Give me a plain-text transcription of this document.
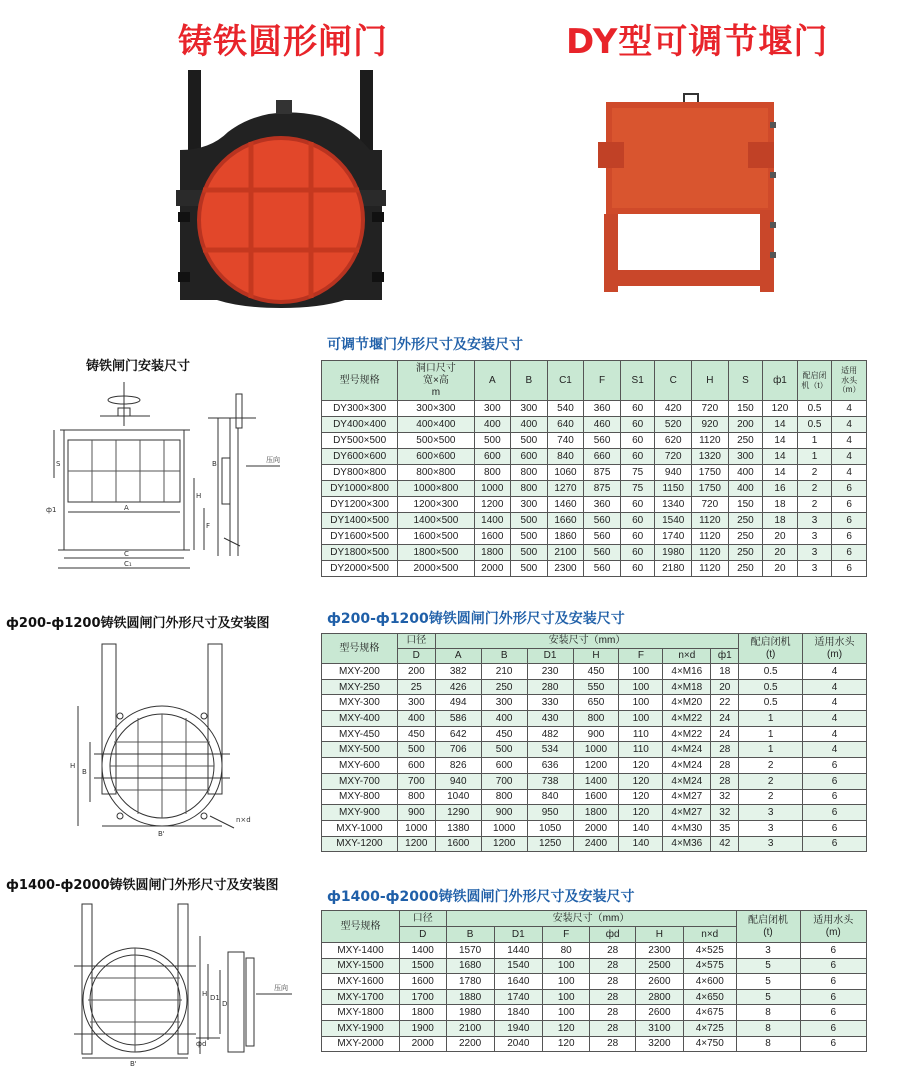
铸铁圆形闸门	DY型可调节堰门
铸铁闸门安装尺寸
A
C
C₁
H
F
S
ф1
B	压向
ф200-ф1200铸铁圆闸门外形尺寸及安装图
H
B
B'
n×d
ф1400-ф2000铸铁圆闸门外形尺寸及安装图
H D1
D
фd
B'
压向
可调节堰门外形尺寸及安装尺寸
型号规格	洞口尺寸
宽×高
m	A	B	C1	F	S1	C	H	S	ф1	配启闭
机（t）	适用
水头
（m）
DY300×300	300×300	300	300	540	360	60	420	720	150	120	0.5	4
DY400×400	400×400	400	400	640	460	60	520	920	200	14	0.5	4
DY500×500	500×500	500	500	740	560	60	620	1120	250	14	1	4
DY600×600	600×600	600	600	840	660	60	720	1320	300	14	1	4
DY800×800	800×800	800	800	1060	875	75	940	1750	400	14	2	4
DY1000×800	1000×800	1000	800	1270	875	75	1150	1750	400	16	2	6
DY1200×300	1200×300	1200	300	1460	360	60	1340	720	150	18	2	6
DY1400×500	1400×500	1400	500	1660	560	60	1540	1120	250	18	3	6
DY1600×500	1600×500	1600	500	1860	560	60	1740	1120	250	20	3	6
DY1800×500	1800×500	1800	500	2100	560	60	1980	1120	250	20	3	6
DY2000×500	2000×500	2000	500	2300	560	60	2180	1120	250	20	3	6
ф200-ф1200铸铁圆闸门外形尺寸及安装尺寸
型号规格	口径	安装尺寸（mm）							配启闭机
(t)	适用水头
(m)
	D	A	B	D1	H	F	n×d	ф1		
MXY-200	200	382	210	230	450	100	4×M16	18	0.5	4
MXY-250	25	426	250	280	550	100	4×M18	20	0.5	4
MXY-300	300	494	300	330	650	100	4×M20	22	0.5	4
MXY-400	400	586	400	430	800	100	4×M22	24	1	4
MXY-450	450	642	450	482	900	110	4×M22	24	1	4
MXY-500	500	706	500	534	1000	110	4×M24	28	1	4
MXY-600	600	826	600	636	1200	120	4×M24	28	2	6
MXY-700	700	940	700	738	1400	120	4×M24	28	2	6
MXY-800	800	1040	800	840	1600	120	4×M27	32	2	6
MXY-900	900	1290	900	950	1800	120	4×M27	32	3	6
MXY-1000	1000	1380	1000	1050	2000	140	4×M30	35	3	6
MXY-1200	1200	1600	1200	1250	2400	140	4×M36	42	3	6
ф1400-ф2000铸铁圆闸门外形尺寸及安装尺寸
型号规格	口径	安装尺寸（mm）						配启闭机
(t)	适用水头
(m)
	D	B	D1	F	фd	H	n×d		
MXY-1400	1400	1570	1440	80	28	2300	4×525	3	6
MXY-1500	1500	1680	1540	100	28	2500	4×575	5	6
MXY-1600	1600	1780	1640	100	28	2600	4×600	5	6
MXY-1700	1700	1880	1740	100	28	2800	4×650	5	6
MXY-1800	1800	1980	1840	100	28	2600	4×675	8	6
MXY-1900	1900	2100	1940	120	28	3100	4×725	8	6
MXY-2000	2000	2200	2040	120	28	3200	4×750	8	6
